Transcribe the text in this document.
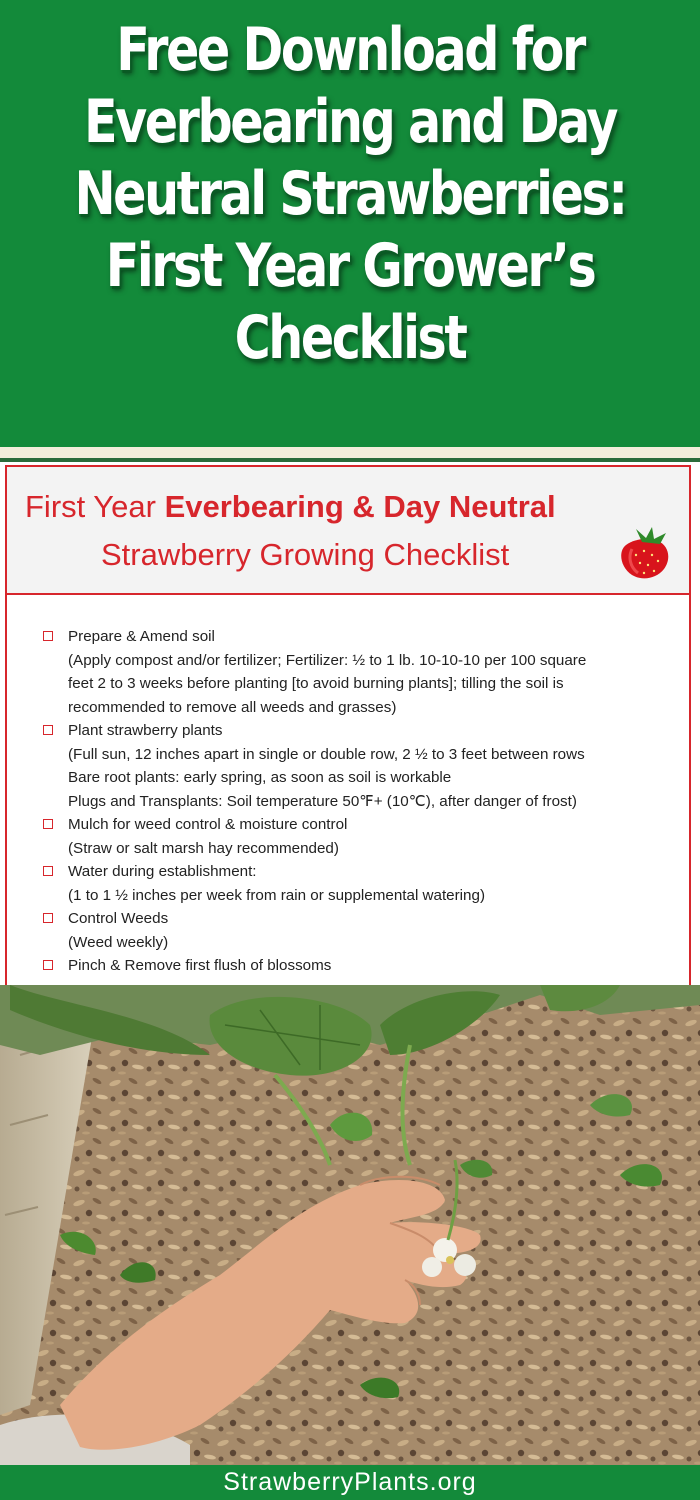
Free Download for Everbearing and Day Neutral Strawberries: First Year Grower’s Checklist
First Year Everbearing & Day Neutral
Strawberry Growing Checklist
Prepare & Amend soil
(Apply compost and/or fertilizer; Fertilizer: ½ to 1 lb. 10-10-10 per 100 square
feet 2 to 3 weeks before planting [to avoid burning plants]; tilling the soil is
recommended to remove all weeds and grasses)
Plant strawberry plants
(Full sun, 12 inches apart in single or double row, 2 ½ to 3 feet between rows
Bare root plants: early spring, as soon as soil is workable
Plugs and Transplants: Soil temperature 50℉+ (10℃), after danger of frost)
Mulch for weed control & moisture control
(Straw or salt marsh hay recommended)
Water during establishment:
(1 to 1 ½ inches per week from rain or supplemental watering)
Control Weeds
(Weed weekly)
Pinch & Remove first flush of blossoms
StrawberryPlants.org
